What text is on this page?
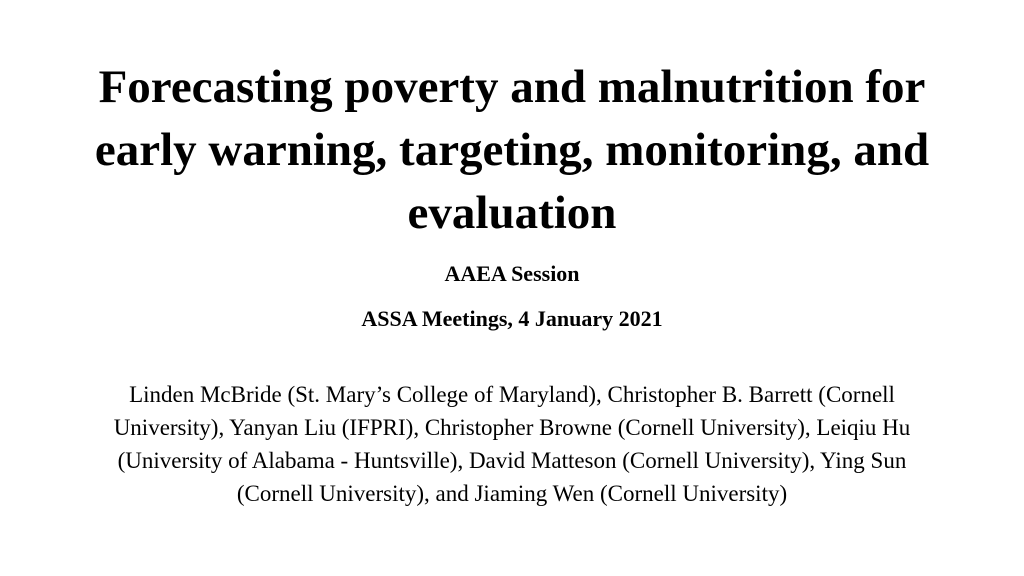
Forecasting poverty and malnutrition for
early warning, targeting, monitoring, and
evaluation

AAEA Session

ASSA Meetings, 4 January 2021

Linden McBride (St. Mary’s College of Maryland), Christopher B. Barrett (Cornell
University), Yanyan Liu (IFPRI), Christopher Browne (Cornell University), Leiqiu Hu
(University of Alabama - Huntsville), David Matteson (Cornell University), Ying Sun
(Cornell University), and Jiaming Wen (Cornell University)
